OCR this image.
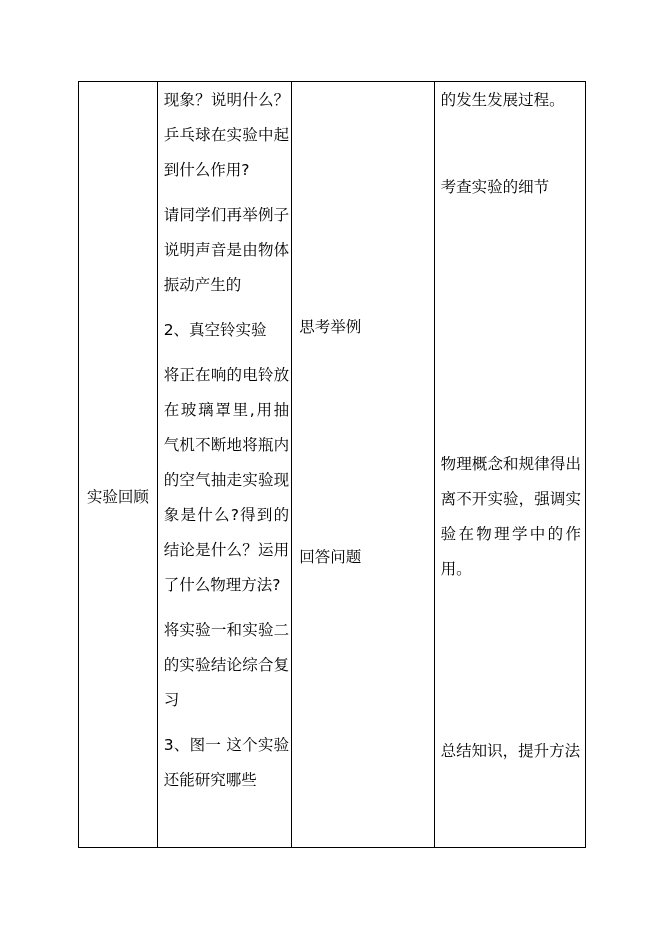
实验回顾

现象？说明什么？乒乓球在实验中起到什么作用?

请同学们再举例子说明声音是由物体振动产生的

2、真空铃实验

将正在响的电铃放在玻璃罩里,用抽气机不断地将瓶内的空气抽走实验现象是什么?得到的结论是什么？运用了什么物理方法?

将实验一和实验二的实验结论综合复习

3、图一 这个实验还能研究哪些

思考举例
回答问题
的发生发展过程。
考查实验的细节
物理概念和规律得出离不开实验，强调实验在物理学中的作用。
总结知识，提升方法
